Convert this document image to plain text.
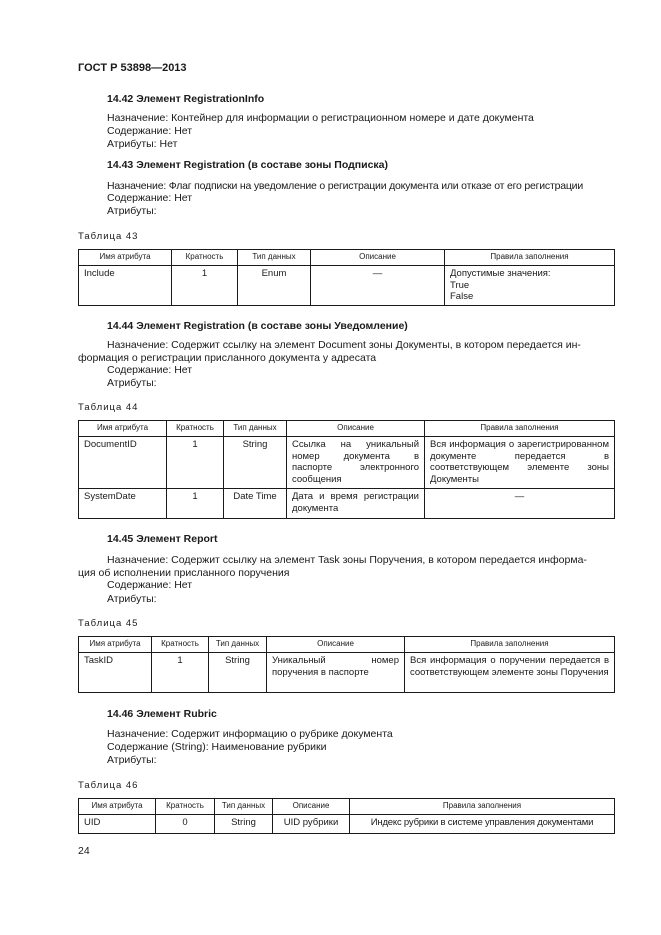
ГОСТ Р 53898—2013
14.42 Элемент RegistrationInfo
Назначение: Контейнер для информации о регистрационном номере и дате документа
Содержание: Нет
Атрибуты: Нет
14.43 Элемент Registration (в составе зоны Подписка)
Назначение: Флаг подписки на уведомление о регистрации документа или отказе от его регистрации
Содержание: Нет
Атрибуты:
Таблица 43
Имя атрибута	Кратность	Тип данных	Описание	Правила заполнения
Include	1	Enum	—	Допустимые значения:
True
False
14.44 Элемент Registration (в составе зоны Уведомление)
Назначение: Содержит ссылку на элемент Document зоны Документы, в котором передается ин-
формация о регистрации присланного документа у адресата
Содержание: Нет
Атрибуты:
Таблица 44
Имя атрибута	Кратность	Тип данных	Описание	Правила заполнения
DocumentID	1	String	Ссылка на уникальный номер документа в паспорте электронного сообщения	Вся информация о зарегистрированном документе передается в соответствующем элементе зоны Документы
SystemDate	1	Date Time	Дата и время регистрации документа	—
14.45 Элемент Report
Назначение: Содержит ссылку на элемент Task зоны Поручения, в котором передается информа-
ция об исполнении присланного поручения
Содержание: Нет
Атрибуты:
Таблица 45
Имя атрибута	Кратность	Тип данных	Описание	Правила заполнения
TaskID	1	String	Уникальный номер поручения в паспорте	Вся информация о поручении передается в соответствующем элементе зоны Поручения
14.46 Элемент Rubric
Назначение: Содержит информацию о рубрике документа
Содержание (String): Наименование рубрики
Атрибуты:
Таблица 46
Имя атрибута	Кратность	Тип данных	Описание	Правила заполнения
UID	0	String	UID рубрики	Индекс рубрики в системе управления документами
24
